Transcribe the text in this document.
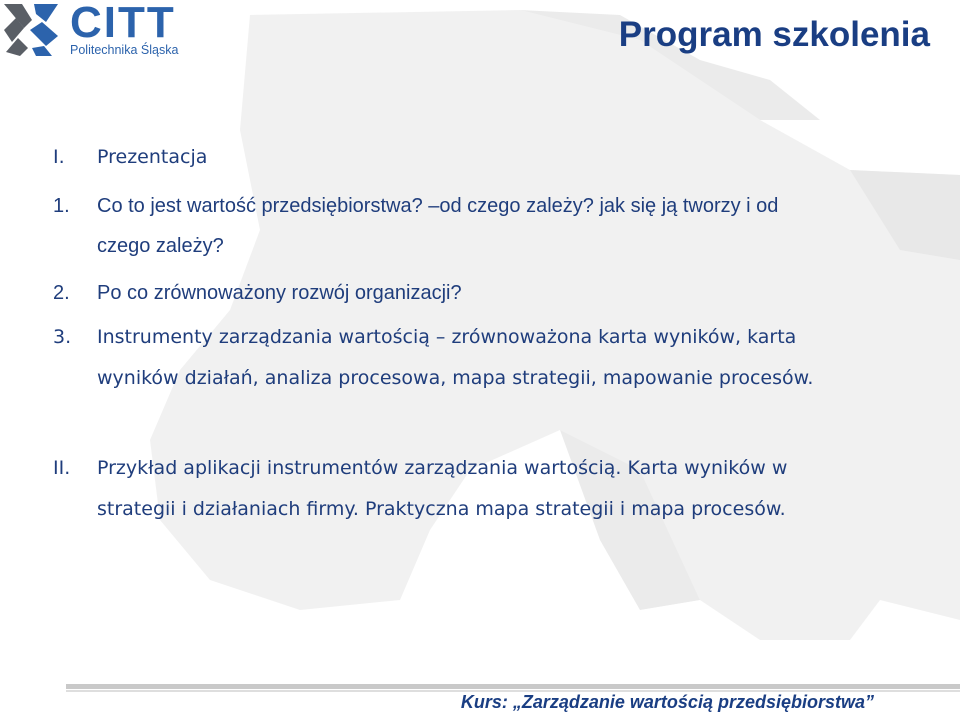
CITT
Politechnika Śląska	Program szkolenia
I. Prezentacja
1. Co to jest wartość przedsiębiorstwa? –od czego zależy? jak się ją tworzy i od
czego zależy?
2. Po co zrównoważony rozwój organizacji?
3. Instrumenty zarządzania wartością – zrównoważona karta wyników, karta
wyników działań, analiza procesowa, mapa strategii, mapowanie procesów.
II. Przykład aplikacji instrumentów zarządzania wartością. Karta wyników w
strategii i działaniach firmy. Praktyczna mapa strategii i mapa procesów.
Kurs: „Zarządzanie wartością przedsiębiorstwa”
